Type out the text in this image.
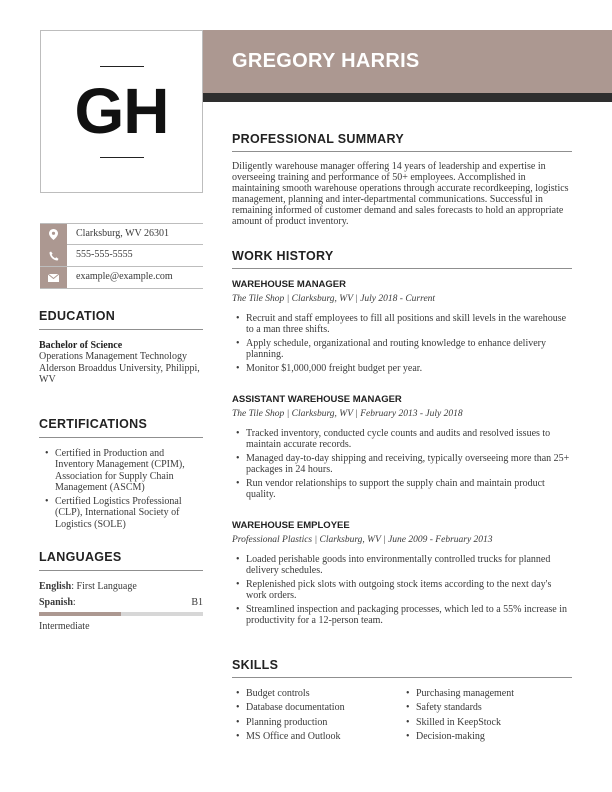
GH
GREGORY HARRIS
Clarksburg, WV 26301
555-555-5555
example@example.com
EDUCATION
Bachelor of Science
Operations Management Technology
Alderson Broaddus University, Philippi, WV
CERTIFICATIONS
• Certified in Production and Inventory Management (CPIM), Association for Supply Chain Management (ASCM)
• Certified Logistics Professional (CLP), International Society of Logistics (SOLE)
LANGUAGES
English: First Language
Spanish:	B1
Intermediate
PROFESSIONAL SUMMARY

Diligently warehouse manager offering 14 years of leadership and expertise in overseeing training and performance of 50+ employees. Accomplished in maintaining smooth warehouse operations through accurate recordkeeping, logistics management, planning and inter-departmental communications. Successful in remaining informed of customer demand and sales forecasts to hold an appropriate amount of product inventory.

WORK HISTORY
WAREHOUSE MANAGER
The Tile Shop | Clarksburg, WV | July 2018 - Current
• Recruit and staff employees to fill all positions and skill levels in the warehouse to a man three shifts.
• Apply schedule, organizational and routing knowledge to enhance delivery planning.
• Monitor $1,000,000 freight budget per year.
ASSISTANT WAREHOUSE MANAGER
The Tile Shop | Clarksburg, WV | February 2013 - July 2018
• Tracked inventory, conducted cycle counts and audits and resolved issues to maintain accurate records.
• Managed day-to-day shipping and receiving, typically overseeing more than 25+ packages in 24 hours.
• Run vendor relationships to support the supply chain and maintain product quality.
WAREHOUSE EMPLOYEE
Professional Plastics | Clarksburg, WV | June 2009 - February 2013
• Loaded perishable goods into environmentally controlled trucks for planned delivery schedules.
• Replenished pick slots with outgoing stock items according to the next day's work orders.
• Streamlined inspection and packaging processes, which led to a 55% increase in productivity for a 12-person team.
SKILLS
• Budget controls
• Database documentation
• Planning production
• MS Office and Outlook
• Purchasing management
• Safety standards
• Skilled in KeepStock
• Decision-making
